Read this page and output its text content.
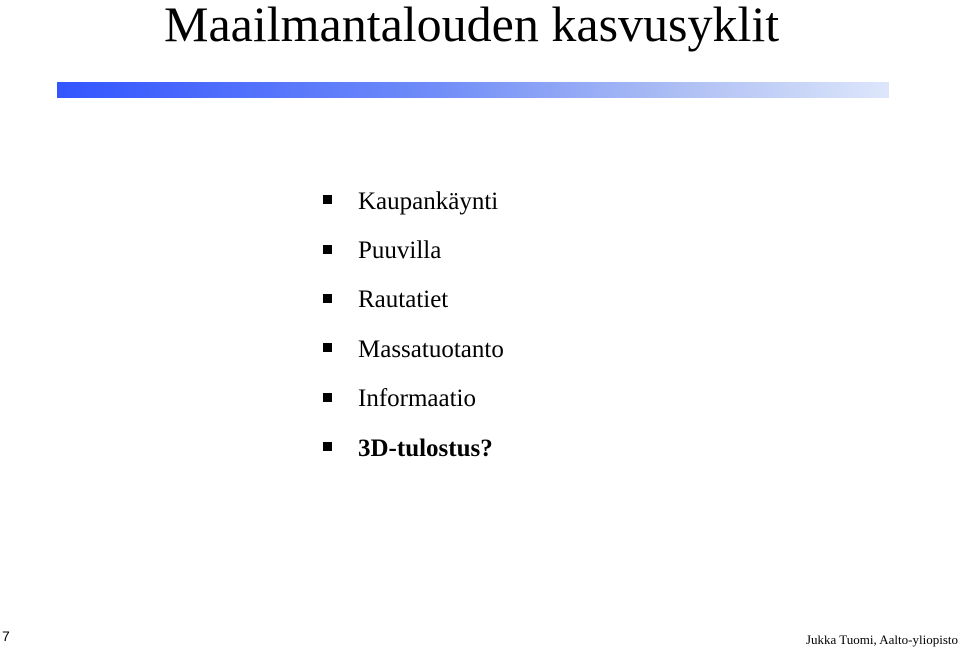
Maailmantalouden kasvusyklit
Kaupankäynti
Puuvilla
Rautatiet
Massatuotanto
Informaatio
3D-tulostus?
7	Jukka Tuomi, Aalto-yliopisto
